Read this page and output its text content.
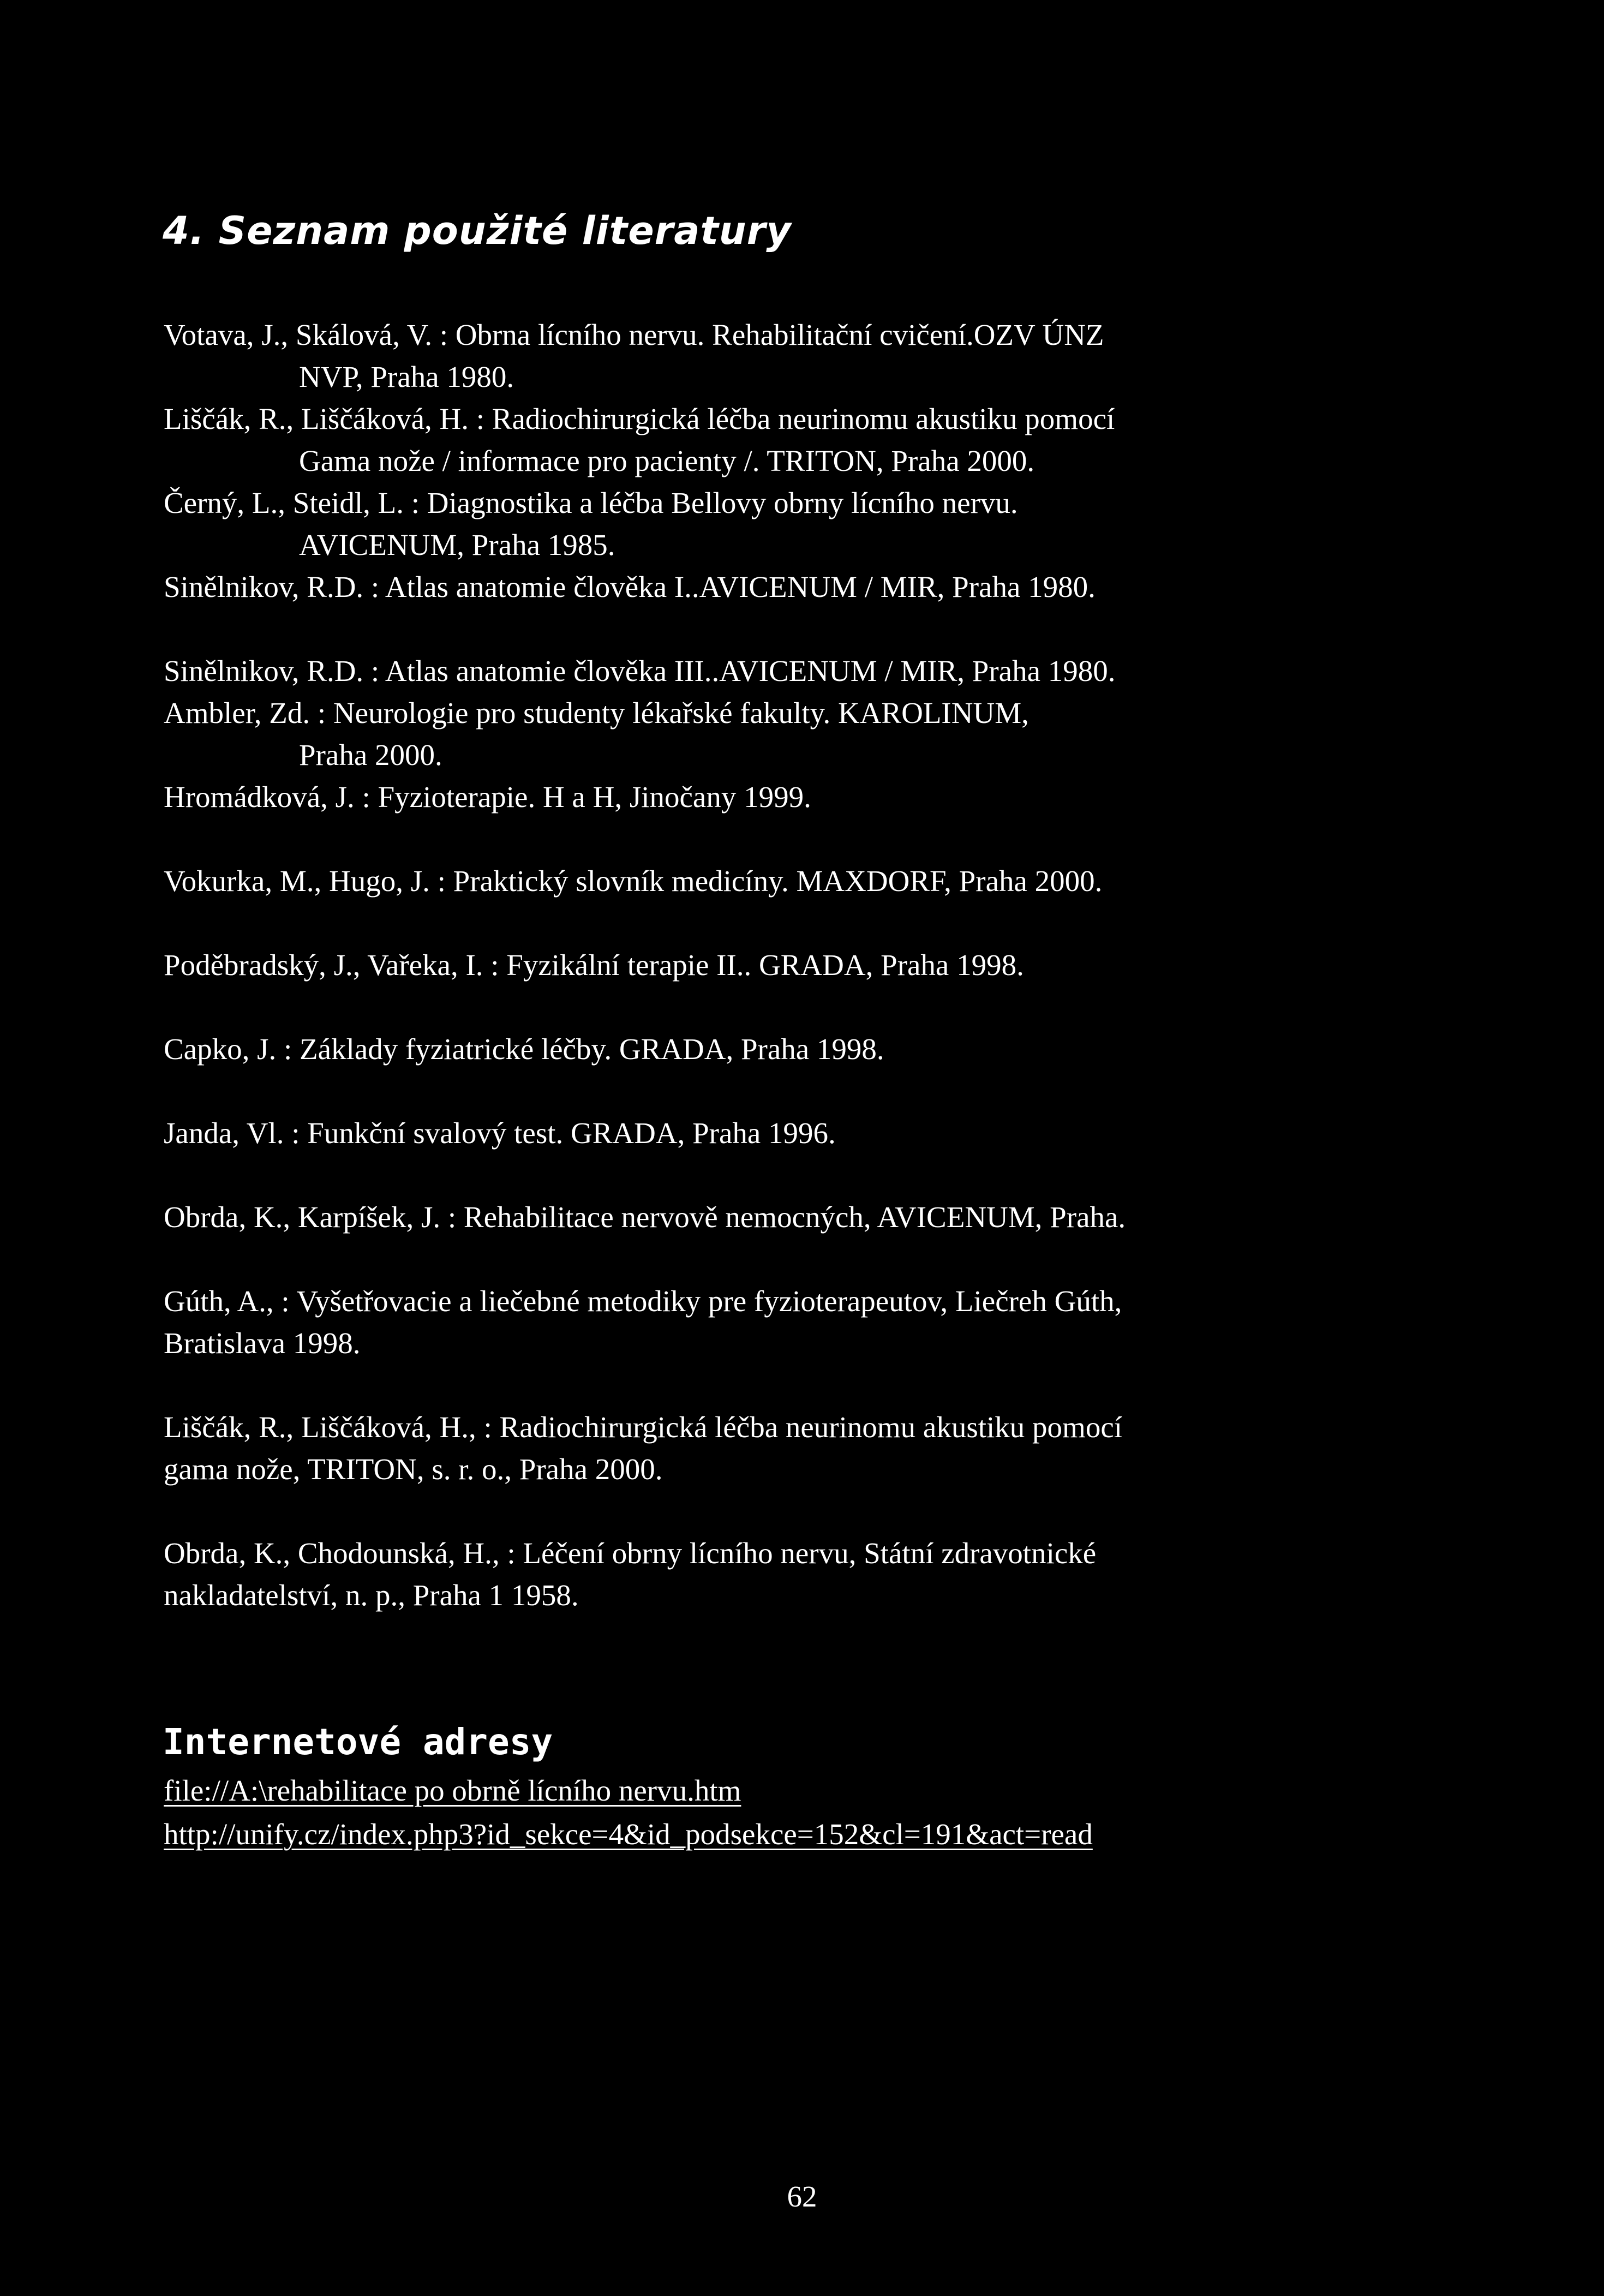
4. Seznam použité literatury

Votava, J., Skálová, V. : Obrna lícního nervu. Rehabilitační cvičení.OZV ÚNZ
NVP, Praha 1980.

Liščák, R., Liščáková, H. : Radiochirurgická léčba neurinomu akustiku pomocí
Gama nože / informace pro pacienty /. TRITON, Praha 2000.

Černý, L., Steidl, L. : Diagnostika a léčba Bellovy obrny lícního nervu.
AVICENUM, Praha 1985.

Sinělnikov, R.D. : Atlas anatomie člověka I..AVICENUM / MIR, Praha 1980.

Sinělnikov, R.D. : Atlas anatomie člověka III..AVICENUM / MIR, Praha 1980.

Ambler, Zd. : Neurologie pro studenty lékařské fakulty. KAROLINUM,
Praha 2000.

Hromádková, J. : Fyzioterapie. H a H, Jinočany 1999.

Vokurka, M., Hugo, J. : Praktický slovník medicíny. MAXDORF, Praha 2000.

Poděbradský, J., Vařeka, I. : Fyzikální terapie II.. GRADA, Praha 1998.

Capko, J. : Základy fyziatrické léčby. GRADA, Praha 1998.

Janda, Vl. : Funkční svalový test. GRADA, Praha 1996.

Obrda, K., Karpíšek, J. : Rehabilitace nervově nemocných, AVICENUM, Praha.

Gúth, A., : Vyšetřovacie a liečebné metodiky pre fyzioterapeutov, Liečreh Gúth,
Bratislava 1998.

Liščák, R., Liščáková, H., : Radiochirurgická léčba neurinomu akustiku pomocí
gama nože, TRITON, s. r. o., Praha 2000.

Obrda, K., Chodounská, H., : Léčení obrny lícního nervu, Státní zdravotnické
nakladatelství, n. p., Praha 1 1958.

Internetové adresy
file://A:\rehabilitace po obrně lícního nervu.htm
http://unify.cz/index.php3?id_sekce=4&id_podsekce=152&cl=191&act=read
62
